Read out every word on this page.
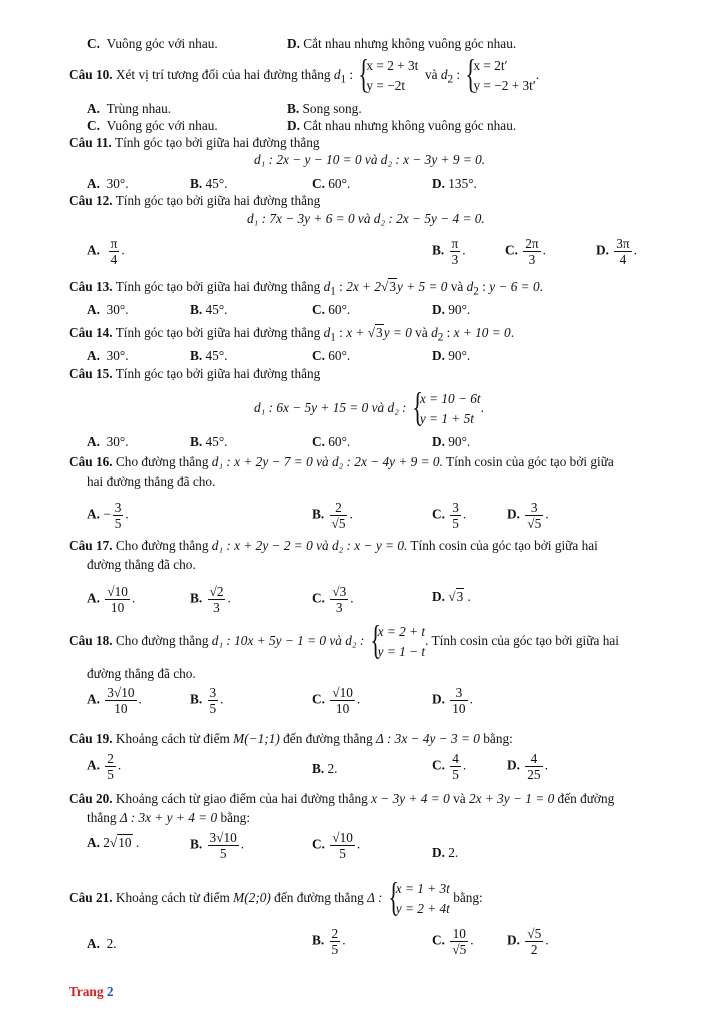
C. Vuông góc với nhau.	D. Cắt nhau nhưng không vuông góc nhau.
Câu 10. Xét vị trí tương đối của hai đường thẳng $d_1$ : { x = 2 + 3t
y = −2t  và $d_2$ : { x = 2t′
y = −2 + 3t′.
A. Trùng nhau.	B. Song song.
C. Vuông góc với nhau.	D. Cắt nhau nhưng không vuông góc nhau.
Câu 11. Tính góc tạo bởi giữa hai đường thẳng
d₁ : 2x − y − 10 = 0 và d₂ : x − 3y + 9 = 0.
A. 30°.	B. 45°.	C. 60°.	D. 135°.
Câu 12. Tính góc tạo bởi giữa hai đường thẳng
d₁ : 7x − 3y + 6 = 0 và d₂ : 2x − 5y − 4 = 0.
A. $\frac{\pi}{4}$ .	B. $\frac{\pi}{3}$ .	C. $\frac{2\pi}{3}$ .	D. $\frac{3\pi}{4}$ .
Câu 13. Tính góc tạo bởi giữa hai đường thẳng $d_1$ : 2x + 2√3y + 5 = 0 và $d_2$ : y − 6 = 0.
A. 30°.	B. 45°.	C. 60°.	D. 90°.
Câu 14. Tính góc tạo bởi giữa hai đường thẳng $d_1$ : x + √3y = 0 và $d_2$ : x + 10 = 0.
A. 30°.	B. 45°.	C. 60°.	D. 90°.
Câu 15. Tính góc tạo bởi giữa hai đường thẳng
d₁ : 6x − 5y + 15 = 0 và d₂ : { x = 10 − 6t
y = 1 + 5t.
A. 30°.	B. 45°.	C. 60°.	D. 90°.
Câu 16. Cho đường thẳng d₁ : x + 2y − 7 = 0 và d₂ : 2x − 4y + 9 = 0. Tính cosin của góc tạo bởi giữa
hai đường thẳng đã cho.
A. − $\frac{3}{5}$ .	B. $\frac{2}{√5}$ .	C. $\frac{3}{5}$ .	D. $\frac{3}{√5}$ .
Câu 17. Cho đường thẳng d₁ : x + 2y − 2 = 0 và d₂ : x − y = 0. Tính cosin của góc tạo bởi giữa hai
đường thẳng đã cho.
A. $\frac{√10}{10}$ .	B. $\frac{√2}{3}$ .	C. $\frac{√3}{3}$ .	D. √3 .
Câu 18. Cho đường thẳng d₁ : 10x + 5y − 1 = 0 và d₂ : { x = 2 + t
y = 1 − t. Tính cosin của góc tạo bởi giữa hai
đường thẳng đã cho.
A. $\frac{3√10}{10}$ .	B. $\frac{3}{5}$ .	C. $\frac{√10}{10}$ .	D. $\frac{3}{10}$ .
Câu 19. Khoảng cách từ điểm M(−1;1) đến đường thẳng Δ : 3x − 4y − 3 = 0 bằng:
A. $\frac{2}{5}$ .	B. 2.	C. $\frac{4}{5}$ .	D. $\frac{4}{25}$ .
Câu 20. Khoảng cách từ giao điểm của hai đường thẳng x − 3y + 4 = 0 và 2x + 3y − 1 = 0 đến đường
thẳng Δ : 3x + y + 4 = 0 bằng:
A. 2√10 .	B. $\frac{3√10}{5}$ .	C. $\frac{√10}{5}$ .
D. 2.
Câu 21. Khoảng cách từ điểm M(2;0) đến đường thẳng Δ : { x = 1 + 3t
y = 2 + 4t bằng:
A. 2.	B. $\frac{2}{5}$ .	C. $\frac{10}{√5}$ .	D. $\frac{√5}{2}$ .
Trang 2
